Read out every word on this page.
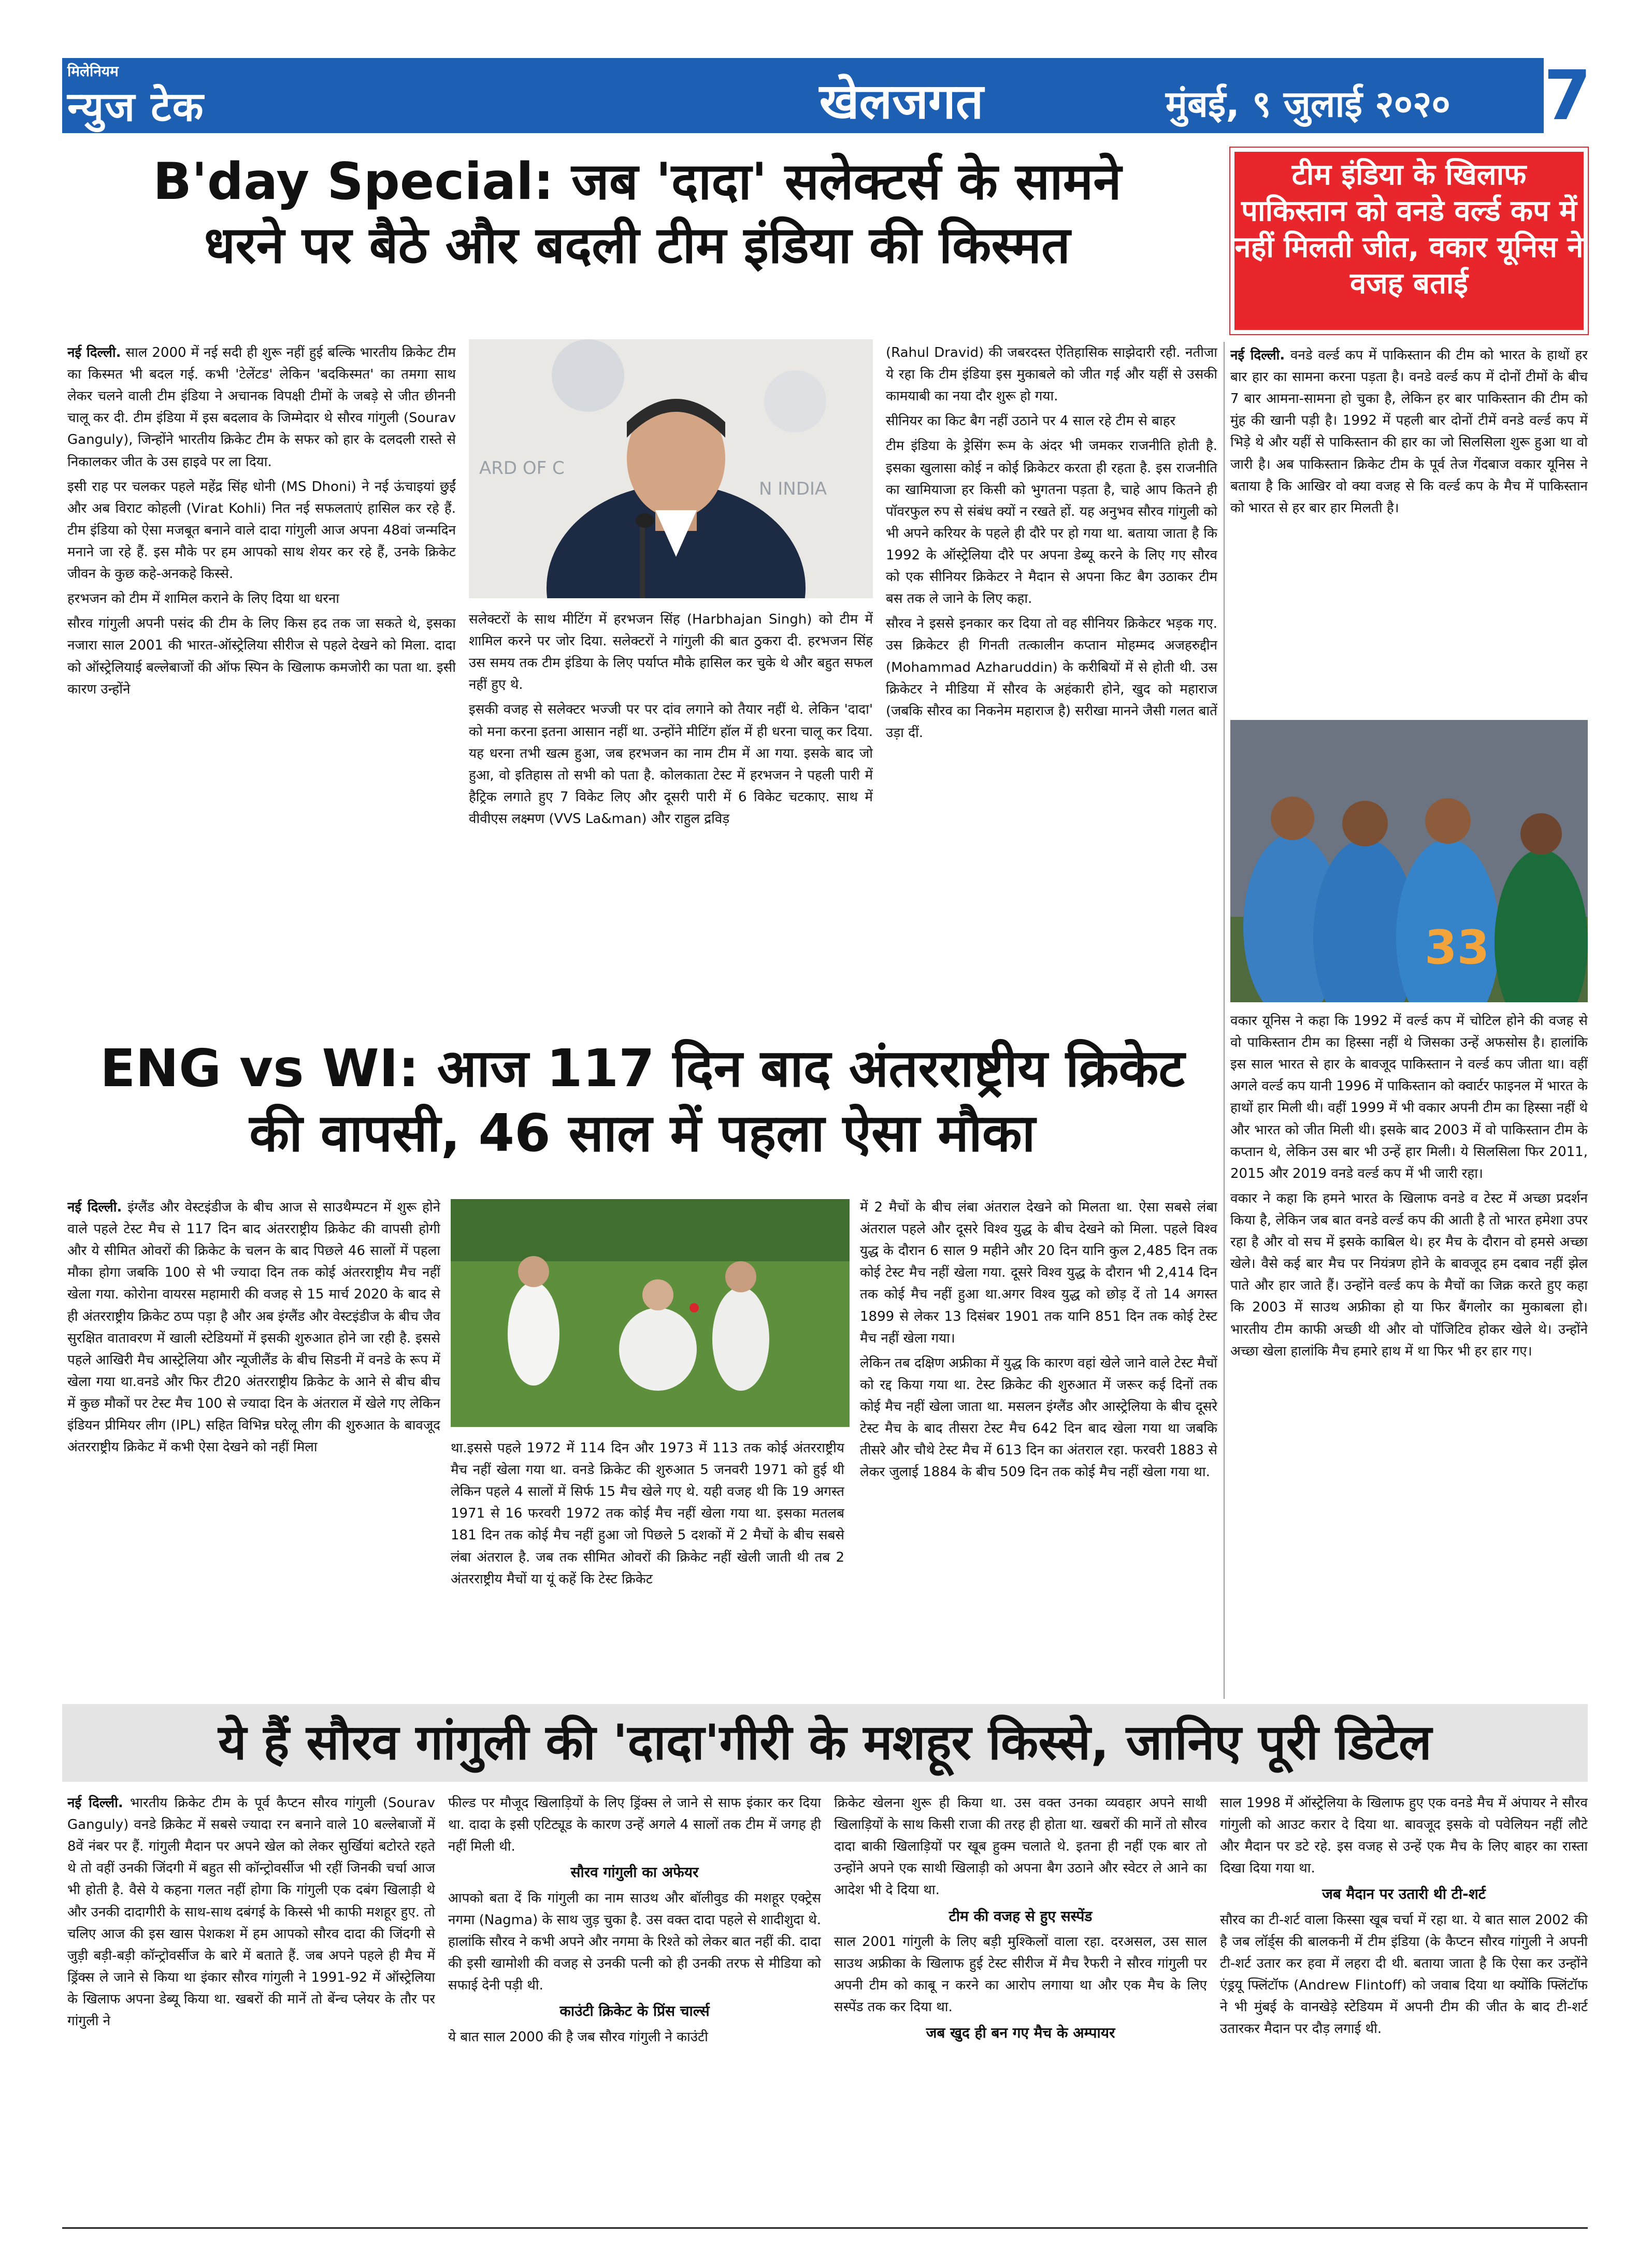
मिलेनियम
न्युज टेक	खेलजगत	मुंबई, ९ जुलाई २०२० 7
B'day Special: जब 'दादा' सलेक्टर्स के सामने
धरने पर बैठे और बदली टीम इंडिया की किस्मत
टीम इंडिया के खिलाफ पाकिस्तान को वनडे वर्ल्ड कप में नहीं मिलती जीत, वकार यूनिस ने वजह बताई

नई दिल्ली. साल 2000 में नई सदी ही शुरू नहीं हुई बल्कि भारतीय क्रिकेट टीम का किस्मत भी बदल गई. कभी 'टेलेंटड' लेकिन 'बदकिस्मत' का तमगा साथ लेकर चलने वाली टीम इंडिया ने अचानक विपक्षी टीमों के जबड़े से जीत छीननी चालू कर दी. टीम इंडिया में इस बदलाव के जिम्मेदार थे सौरव गांगुली (Sourav Ganguly), जिन्होंने भारतीय क्रिकेट टीम के सफर को हार के दलदली रास्ते से निकालकर जीत के उस हाइवे पर ला दिया.

इसी राह पर चलकर पहले महेंद्र सिंह धोनी (MS Dhoni) ने नई ऊंचाइयां छुईं और अब विराट कोहली (Virat Kohli) नित नई सफलताएं हासिल कर रहे हैं. टीम इंडिया को ऐसा मजबूत बनाने वाले दादा गांगुली आज अपना 48वां जन्मदिन मनाने जा रहे हैं. इस मौके पर हम आपको साथ शेयर कर रहे हैं, उनके क्रिकेट जीवन के कुछ कहे-अनकहे किस्से.

हरभजन को टीम में शामिल कराने के लिए दिया था धरना

सौरव गांगुली अपनी पसंद की टीम के लिए किस हद तक जा सकते थे, इसका नजारा साल 2001 की भारत-ऑस्ट्रेलिया सीरीज से पहले देखने को मिला. दादा को ऑस्ट्रेलियाई बल्लेबाजों की ऑफ स्पिन के खिलाफ कमजोरी का पता था. इसी कारण उन्होंने

ARD OF C
N INDIA

सलेक्टरों के साथ मीटिंग में हरभजन सिंह (Harbhajan Singh) को टीम में शामिल करने पर जोर दिया. सलेक्टरों ने गांगुली की बात ठुकरा दी. हरभजन सिंह उस समय तक टीम इंडिया के लिए पर्याप्त मौके हासिल कर चुके थे और बहुत सफल नहीं हुए थे.

इसकी वजह से सलेक्टर भज्जी पर पर दांव लगाने को तैयार नहीं थे. लेकिन 'दादा' को मना करना इतना आसान नहीं था. उन्होंने मीटिंग हॉल में ही धरना चालू कर दिया. यह धरना तभी खत्म हुआ, जब हरभजन का नाम टीम में आ गया. इसके बाद जो हुआ, वो इतिहास तो सभी को पता है. कोलकाता टेस्ट में हरभजन ने पहली पारी में हैट्रिक लगाते हुए 7 विकेट लिए और दूसरी पारी में 6 विकेट चटकाए. साथ में वीवीएस लक्ष्मण (VVS La&man) और राहुल द्रविड़

(Rahul Dravid) की जबरदस्त ऐतिहासिक साझेदारी रही. नतीजा ये रहा कि टीम इंडिया इस मुकाबले को जीत गई और यहीं से उसकी कामयाबी का नया दौर शुरू हो गया.

सीनियर का किट बैग नहीं उठाने पर 4 साल रहे टीम से बाहर

टीम इंडिया के ड्रेसिंग रूम के अंदर भी जमकर राजनीति होती है. इसका खुलासा कोई न कोई क्रिकेटर करता ही रहता है. इस राजनीति का खामियाजा हर किसी को भुगतना पड़ता है, चाहे आप कितने ही पॉवरफुल रुप से संबंध क्यों न रखते हों. यह अनुभव सौरव गांगुली को भी अपने करियर के पहले ही दौरे पर हो गया था. बताया जाता है कि 1992 के ऑस्ट्रेलिया दौरे पर अपना डेब्यू करने के लिए गए सौरव को एक सीनियर क्रिकेटर ने मैदान से अपना किट बैग उठाकर टीम बस तक ले जाने के लिए कहा.

सौरव ने इससे इनकार कर दिया तो वह सीनियर क्रिकेटर भड़क गए. उस क्रिकेटर ही गिनती तत्कालीन कप्तान मोहम्मद अजहरुद्दीन (Mohammad Azharuddin) के करीबियों में से होती थी. उस क्रिकेटर ने मीडिया में सौरव के अहंकारी होने, खुद को महाराज (जबकि सौरव का निकनेम महाराज है) सरीखा मानने जैसी गलत बातें उड़ा दीं.

नई दिल्ली. वनडे वर्ल्ड कप में पाकिस्तान की टीम को भारत के हाथों हर बार हार का सामना करना पड़ता है। वनडे वर्ल्ड कप में दोनों टीमों के बीच 7 बार आमना-सामना हो चुका है, लेकिन हर बार पाकिस्तान की टीम को मुंह की खानी पड़ी है। 1992 में पहली बार दोनों टीमें वनडे वर्ल्ड कप में भिड़े थे और यहीं से पाकिस्तान की हार का जो सिलसिला शुरू हुआ था वो जारी है। अब पाकिस्तान क्रिकेट टीम के पूर्व तेज गेंदबाज वकार यूनिस ने बताया है कि आखिर वो क्या वजह से कि वर्ल्ड कप के मैच में पाकिस्तान को भारत से हर बार हार मिलती है।

33

वकार यूनिस ने कहा कि 1992 में वर्ल्ड कप में चोटिल होने की वजह से वो पाकिस्तान टीम का हिस्सा नहीं थे जिसका उन्हें अफसोस है। हालांकि इस साल भारत से हार के बावजूद पाकिस्तान ने वर्ल्ड कप जीता था। वहीं अगले वर्ल्ड कप यानी 1996 में पाकिस्तान को क्वार्टर फाइनल में भारत के हाथों हार मिली थी। वहीं 1999 में भी वकार अपनी टीम का हिस्सा नहीं थे और भारत को जीत मिली थी। इसके बाद 2003 में वो पाकिस्तान टीम के कप्तान थे, लेकिन उस बार भी उन्हें हार मिली। ये सिलसिला फिर 2011, 2015 और 2019 वनडे वर्ल्ड कप में भी जारी रहा।

वकार ने कहा कि हमने भारत के खिलाफ वनडे व टेस्ट में अच्छा प्रदर्शन किया है, लेकिन जब बात वनडे वर्ल्ड कप की आती है तो भारत हमेशा उपर रहा है और वो सच में इसके काबिल थे। हर मैच के दौरान वो हमसे अच्छा खेले। वैसे कई बार मैच पर नियंत्रण होने के बावजूद हम दबाव नहीं झेल पाते और हार जाते हैं। उन्होंने वर्ल्ड कप के मैचों का जिक्र करते हुए कहा कि 2003 में साउथ अफ्रीका हो या फिर बैंगलोर का मुकाबला हो। भारतीय टीम काफी अच्छी थी और वो पॉजिटिव होकर खेले थे। उन्होंने अच्छा खेला हालांकि मैच हमारे हाथ में था फिर भी हर हार गए।

ENG vs WI: आज 117 दिन बाद अंतरराष्ट्रीय क्रिकेट
की वापसी, 46 साल में पहला ऐसा मौका

नई दिल्ली. इंग्लैंड और वेस्टइंडीज के बीच आज से साउथैम्पटन में शुरू होने वाले पहले टेस्ट मैच से 117 दिन बाद अंतरराष्ट्रीय क्रिकेट की वापसी होगी और ये सीमित ओवरों की क्रिकेट के चलन के बाद पिछले 46 सालों में पहला मौका होगा जबकि 100 से भी ज्यादा दिन तक कोई अंतरराष्ट्रीय मैच नहीं खेला गया. कोरोना वायरस महामारी की वजह से 15 मार्च 2020 के बाद से ही अंतरराष्ट्रीय क्रिकेट ठप्प पड़ा है और अब इंग्लैंड और वेस्टइंडीज के बीच जैव सुरक्षित वातावरण में खाली स्टेडियमों में इसकी शुरुआत होने जा रही है. इससे पहले आखिरी मैच आस्ट्रेलिया और न्यूजीलैंड के बीच सिडनी में वनडे के रूप में खेला गया था.वनडे और फिर टी20 अंतरराष्ट्रीय क्रिकेट के आने से बीच बीच में कुछ मौकों पर टेस्ट मैच 100 से ज्यादा दिन के अंतराल में खेले गए लेकिन इंडियन प्रीमियर लीग (IPL) सहित विभिन्न घरेलू लीग की शुरुआत के बावजूद अंतरराष्ट्रीय क्रिकेट में कभी ऐसा देखने को नहीं मिला	था.इससे पहले 1972 में 114 दिन और 1973 में 113 तक कोई अंतरराष्ट्रीय मैच नहीं खेला गया था. वनडे क्रिकेट की शुरुआत 5 जनवरी 1971 को हुई थी लेकिन पहले 4 सालों में सिर्फ 15 मैच खेले गए थे. यही वजह थी कि 19 अगस्त 1971 से 16 फरवरी 1972 तक कोई मैच नहीं खेला गया था. इसका मतलब 181 दिन तक कोई मैच नहीं हुआ जो पिछले 5 दशकों में 2 मैचों के बीच सबसे लंबा अंतराल है. जब तक सीमित ओवरों की क्रिकेट नहीं खेली जाती थी तब 2 अंतरराष्ट्रीय मैचों या यूं कहें कि टेस्ट क्रिकेट

में 2 मैचों के बीच लंबा अंतराल देखने को मिलता था. ऐसा सबसे लंबा अंतराल पहले और दूसरे विश्व युद्ध के बीच देखने को मिला. पहले विश्व युद्ध के दौरान 6 साल 9 महीने और 20 दिन यानि कुल 2,485 दिन तक कोई टेस्ट मैच नहीं खेला गया. दूसरे विश्व युद्ध के दौरान भी 2,414 दिन तक कोई मैच नहीं हुआ था.अगर विश्व युद्ध को छोड़ दें तो 14 अगस्त 1899 से लेकर 13 दिसंबर 1901 तक यानि 851 दिन तक कोई टेस्ट मैच नहीं खेला गया।

लेकिन तब दक्षिण अफ्रीका में युद्ध कि कारण वहां खेले जाने वाले टेस्ट मैचों को रद्द किया गया था. टेस्ट क्रिकेट की शुरुआत में जरूर कई दिनों तक कोई मैच नहीं खेला जाता था. मसलन इंग्लैंड और आस्ट्रेलिया के बीच दूसरे टेस्ट मैच के बाद तीसरा टेस्ट मैच 642 दिन बाद खेला गया था जबकि तीसरे और चौथे टेस्ट मैच में 613 दिन का अंतराल रहा. फरवरी 1883 से लेकर जुलाई 1884 के बीच 509 दिन तक कोई मैच नहीं खेला गया था.

ये हैं सौरव गांगुली की 'दादा'गीरी के मशहूर किस्से, जानिए पूरी डिटेल

नई दिल्ली. भारतीय क्रिकेट टीम के पूर्व कैप्टन सौरव गांगुली (Sourav Ganguly) वनडे क्रिकेट में सबसे ज्यादा रन बनाने वाले 10 बल्लेबाजों में 8वें नंबर पर हैं. गांगुली मैदान पर अपने खेल को लेकर सुर्खियां बटोरते रहते थे तो वहीं उनकी जिंदगी में बहुत सी कॉन्ट्रोवर्सीज भी रहीं जिनकी चर्चा आज भी होती है. वैसे ये कहना गलत नहीं होगा कि गांगुली एक दबंग खिलाड़ी थे और उनकी दादागीरी के साथ-साथ दबंगई के किस्से भी काफी मशहूर हुए. तो चलिए आज की इस खास पेशकश में हम आपको सौरव दादा की जिंदगी से जुड़ी बड़ी-बड़ी कॉन्ट्रोवर्सीज के बारे में बताते हैं. जब अपने पहले ही मैच में ड्रिंक्स ले जाने से किया था इंकार सौरव गांगुली ने 1991-92 में ऑस्ट्रेलिया के खिलाफ अपना डेब्यू किया था. खबरों की मानें तो बेंन्च प्लेयर के तौर पर गांगुली ने

फील्ड पर मौजूद खिलाड़ियों के लिए ड्रिंक्स ले जाने से साफ इंकार कर दिया था. दादा के इसी एटिट्यूड के कारण उन्हें अगले 4 सालों तक टीम में जगह ही नहीं मिली थी.

सौरव गांगुली का अफेयर

आपको बता दें कि गांगुली का नाम साउथ और बॉलीवुड की मशहूर एक्ट्रेस नगमा (Nagma) के साथ जुड़ चुका है. उस वक्त दादा पहले से शादीशुदा थे. हालांकि सौरव ने कभी अपने और नगमा के रिश्ते को लेकर बात नहीं की. दादा की इसी खामोशी की वजह से उनकी पत्नी को ही उनकी तरफ से मीडिया को सफाई देनी पड़ी थी.

काउंटी क्रिकेट के प्रिंस चार्ल्स

ये बात साल 2000 की है जब सौरव गांगुली ने काउंटी

क्रिकेट खेलना शुरू ही किया था. उस वक्त उनका व्यवहार अपने साथी खिलाड़ियों के साथ किसी राजा की तरह ही होता था. खबरों की मानें तो सौरव दादा बाकी खिलाड़ियों पर खूब हुक्म चलाते थे. इतना ही नहीं एक बार तो उन्होंने अपने एक साथी खिलाड़ी को अपना बैग उठाने और स्वेटर ले आने का आदेश भी दे दिया था.

टीम की वजह से हुए सस्पेंड

साल 2001 गांगुली के लिए बड़ी मुश्किलों वाला रहा. दरअसल, उस साल साउथ अफ्रीका के खिलाफ हुई टेस्ट सीरीज में मैच रैफरी ने सौरव गांगुली पर अपनी टीम को काबू न करने का आरोप लगाया था और एक मैच के लिए सस्पेंड तक कर दिया था.

जब खुद ही बन गए मैच के अम्पायर

साल 1998 में ऑस्ट्रेलिया के खिलाफ हुए एक वनडे मैच में अंपायर ने सौरव गांगुली को आउट करार दे दिया था. बावजूद इसके वो पवेलियन नहीं लौटे और मैदान पर डटे रहे. इस वजह से उन्हें एक मैच के लिए बाहर का रास्ता दिखा दिया गया था.

जब मैदान पर उतारी थी टी-शर्ट

सौरव का टी-शर्ट वाला किस्सा खूब चर्चा में रहा था. ये बात साल 2002 की है जब लॉर्ड्स की बालकनी में टीम इंडिया (के कैप्टन सौरव गांगुली ने अपनी टी-शर्ट उतार कर हवा में लहरा दी थी. बताया जाता है कि ऐसा कर उन्होंने एंड्रयू फ्लिंटॉफ (Andrew Flintoff) को जवाब दिया था क्योंकि फ्लिंटॉफ ने भी मुंबई के वानखेड़े स्टेडियम में अपनी टीम की जीत के बाद टी-शर्ट उतारकर मैदान पर दौड़ लगाई थी.
